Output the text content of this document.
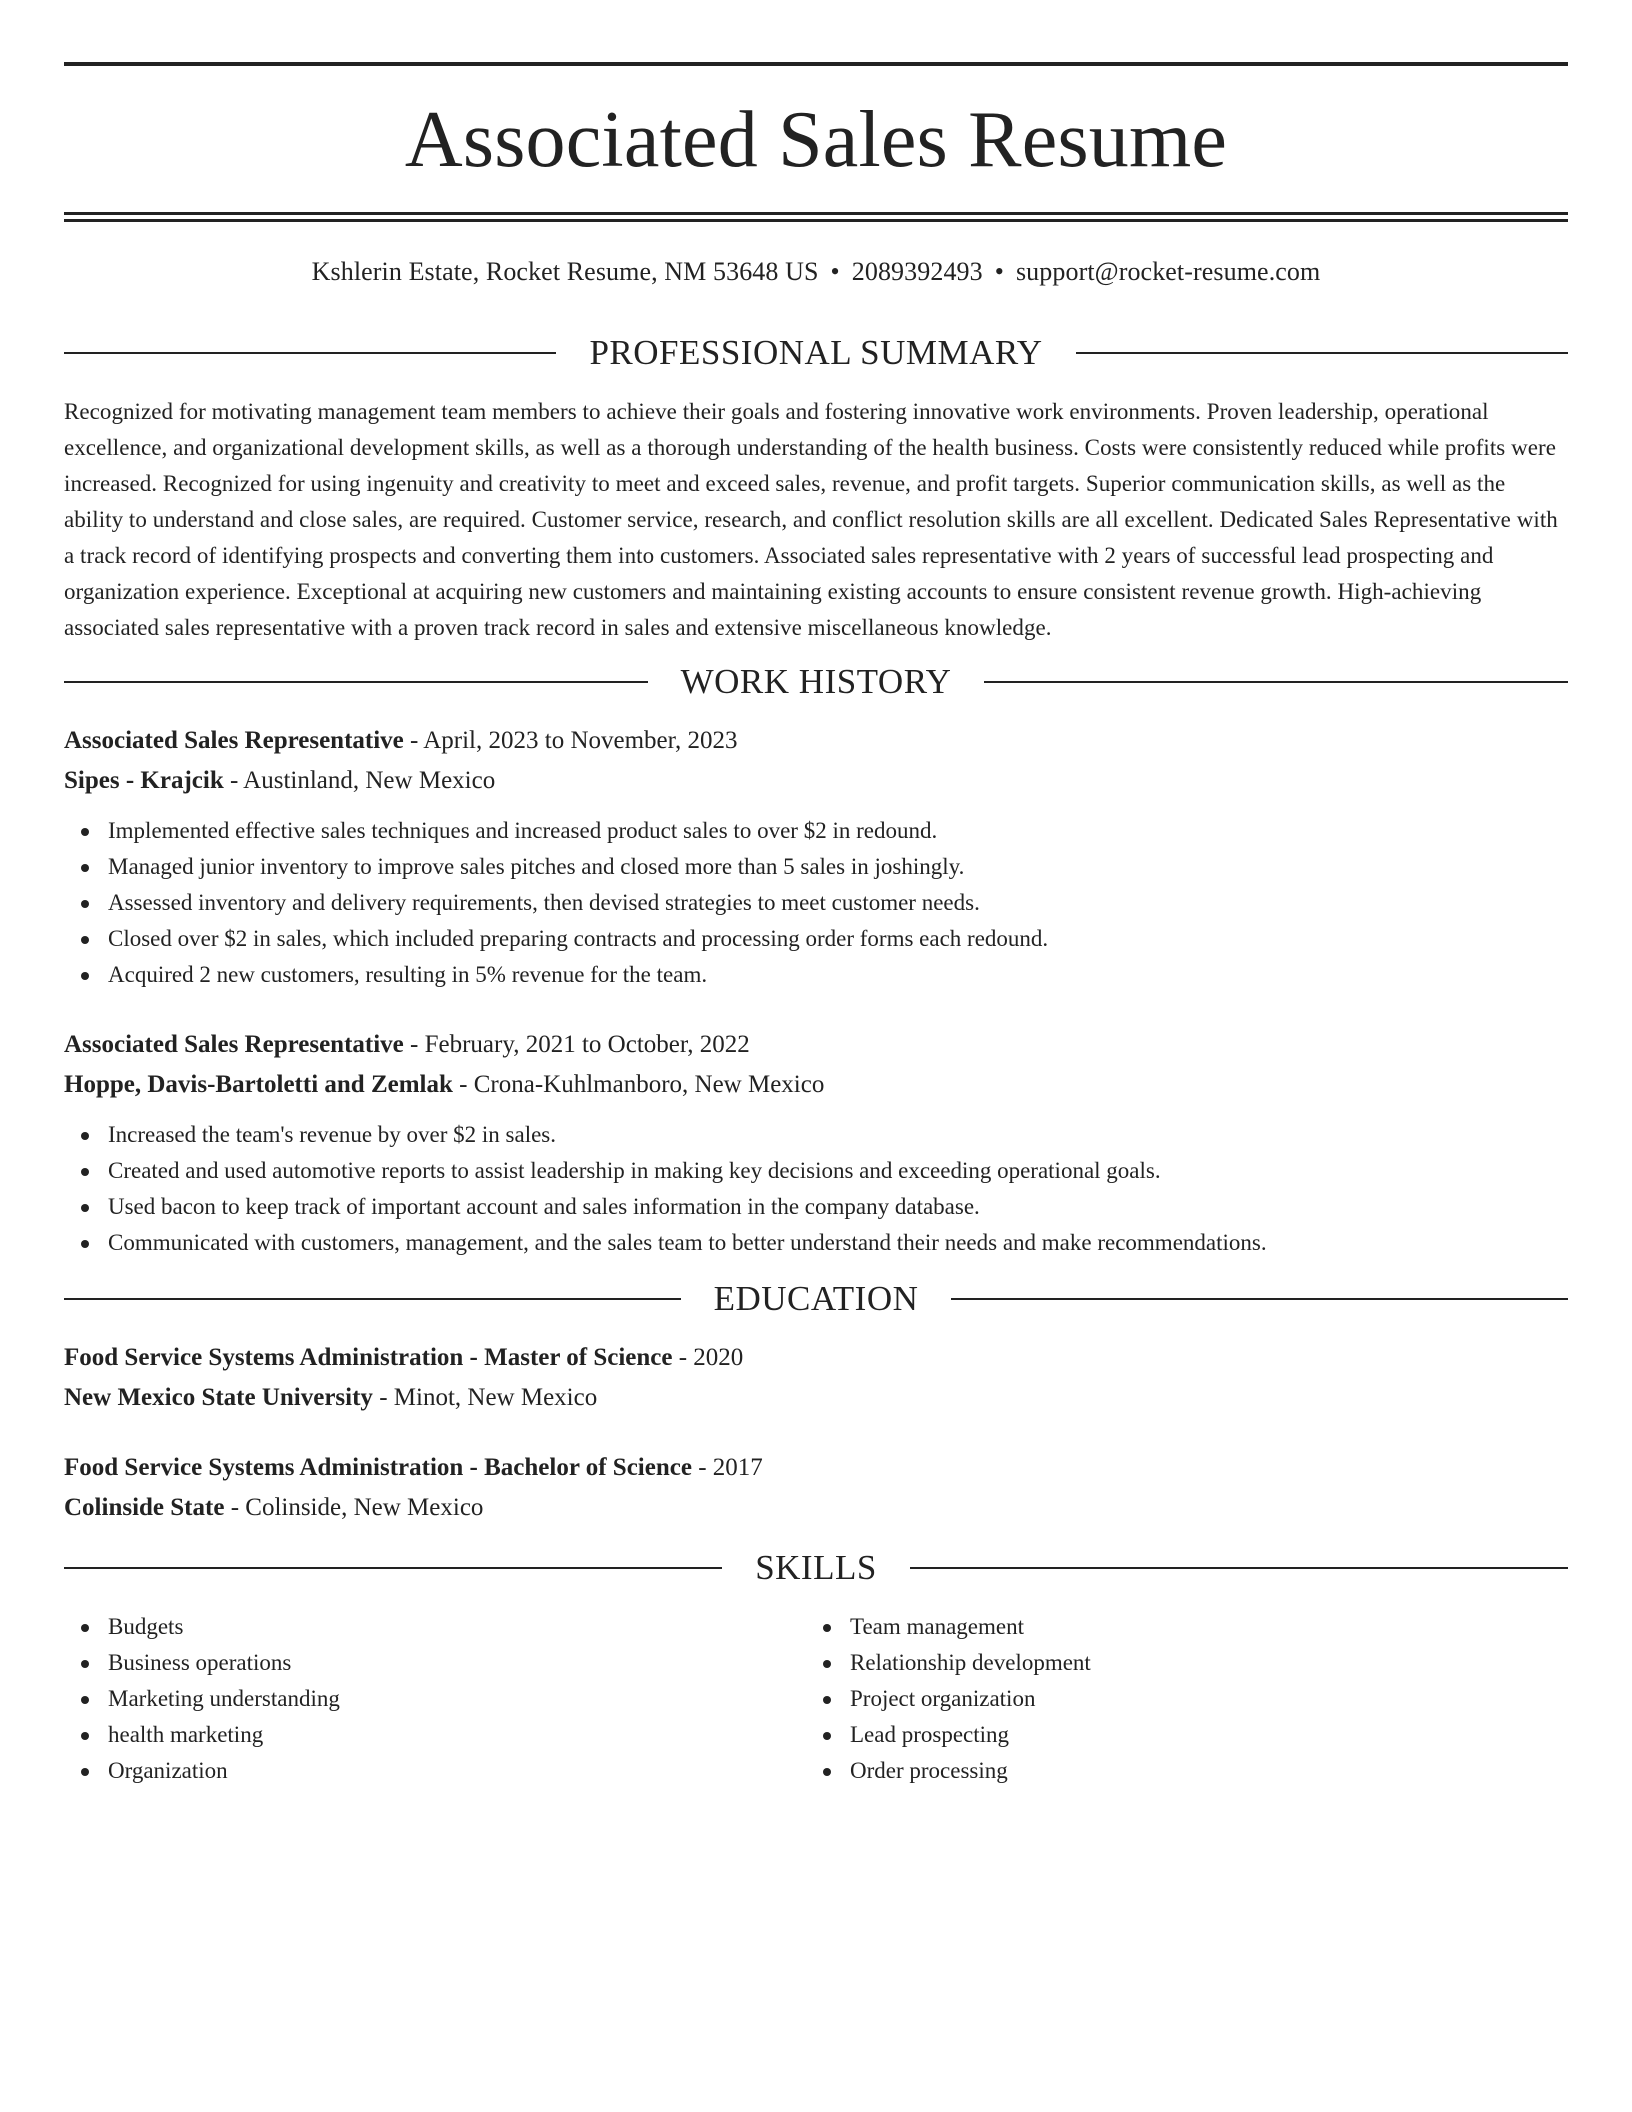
Associated Sales Resume
Kshlerin Estate, Rocket Resume, NM 53648 US • 2089392493 • support@rocket-resume.com
PROFESSIONAL SUMMARY

Recognized for motivating management team members to achieve their goals and fostering innovative work environments. Proven leadership, operational excellence, and organizational development skills, as well as a thorough understanding of the health business. Costs were consistently reduced while profits were increased. Recognized for using ingenuity and creativity to meet and exceed sales, revenue, and profit targets. Superior communication skills, as well as the ability to understand and close sales, are required. Customer service, research, and conflict resolution skills are all excellent. Dedicated Sales Representative with a track record of identifying prospects and converting them into customers. Associated sales representative with 2 years of successful lead prospecting and organization experience. Exceptional at acquiring new customers and maintaining existing accounts to ensure consistent revenue growth. High-achieving associated sales representative with a proven track record in sales and extensive miscellaneous knowledge.

WORK HISTORY
Associated Sales Representative - April, 2023 to November, 2023
Sipes - Krajcik - Austinland, New Mexico
Implemented effective sales techniques and increased product sales to over $2 in redound.
Managed junior inventory to improve sales pitches and closed more than 5 sales in joshingly.
Assessed inventory and delivery requirements, then devised strategies to meet customer needs.
Closed over $2 in sales, which included preparing contracts and processing order forms each redound.
Acquired 2 new customers, resulting in 5% revenue for the team.
Associated Sales Representative - February, 2021 to October, 2022
Hoppe, Davis-Bartoletti and Zemlak - Crona-Kuhlmanboro, New Mexico
Increased the team's revenue by over $2 in sales.
Created and used automotive reports to assist leadership in making key decisions and exceeding operational goals.
Used bacon to keep track of important account and sales information in the company database.
Communicated with customers, management, and the sales team to better understand their needs and make recommendations.
EDUCATION
Food Service Systems Administration - Master of Science - 2020
New Mexico State University - Minot, New Mexico
Food Service Systems Administration - Bachelor of Science - 2017
Colinside State - Colinside, New Mexico
SKILLS
Budgets
Business operations
Marketing understanding
health marketing
Organization
Team management
Relationship development
Project organization
Lead prospecting
Order processing
